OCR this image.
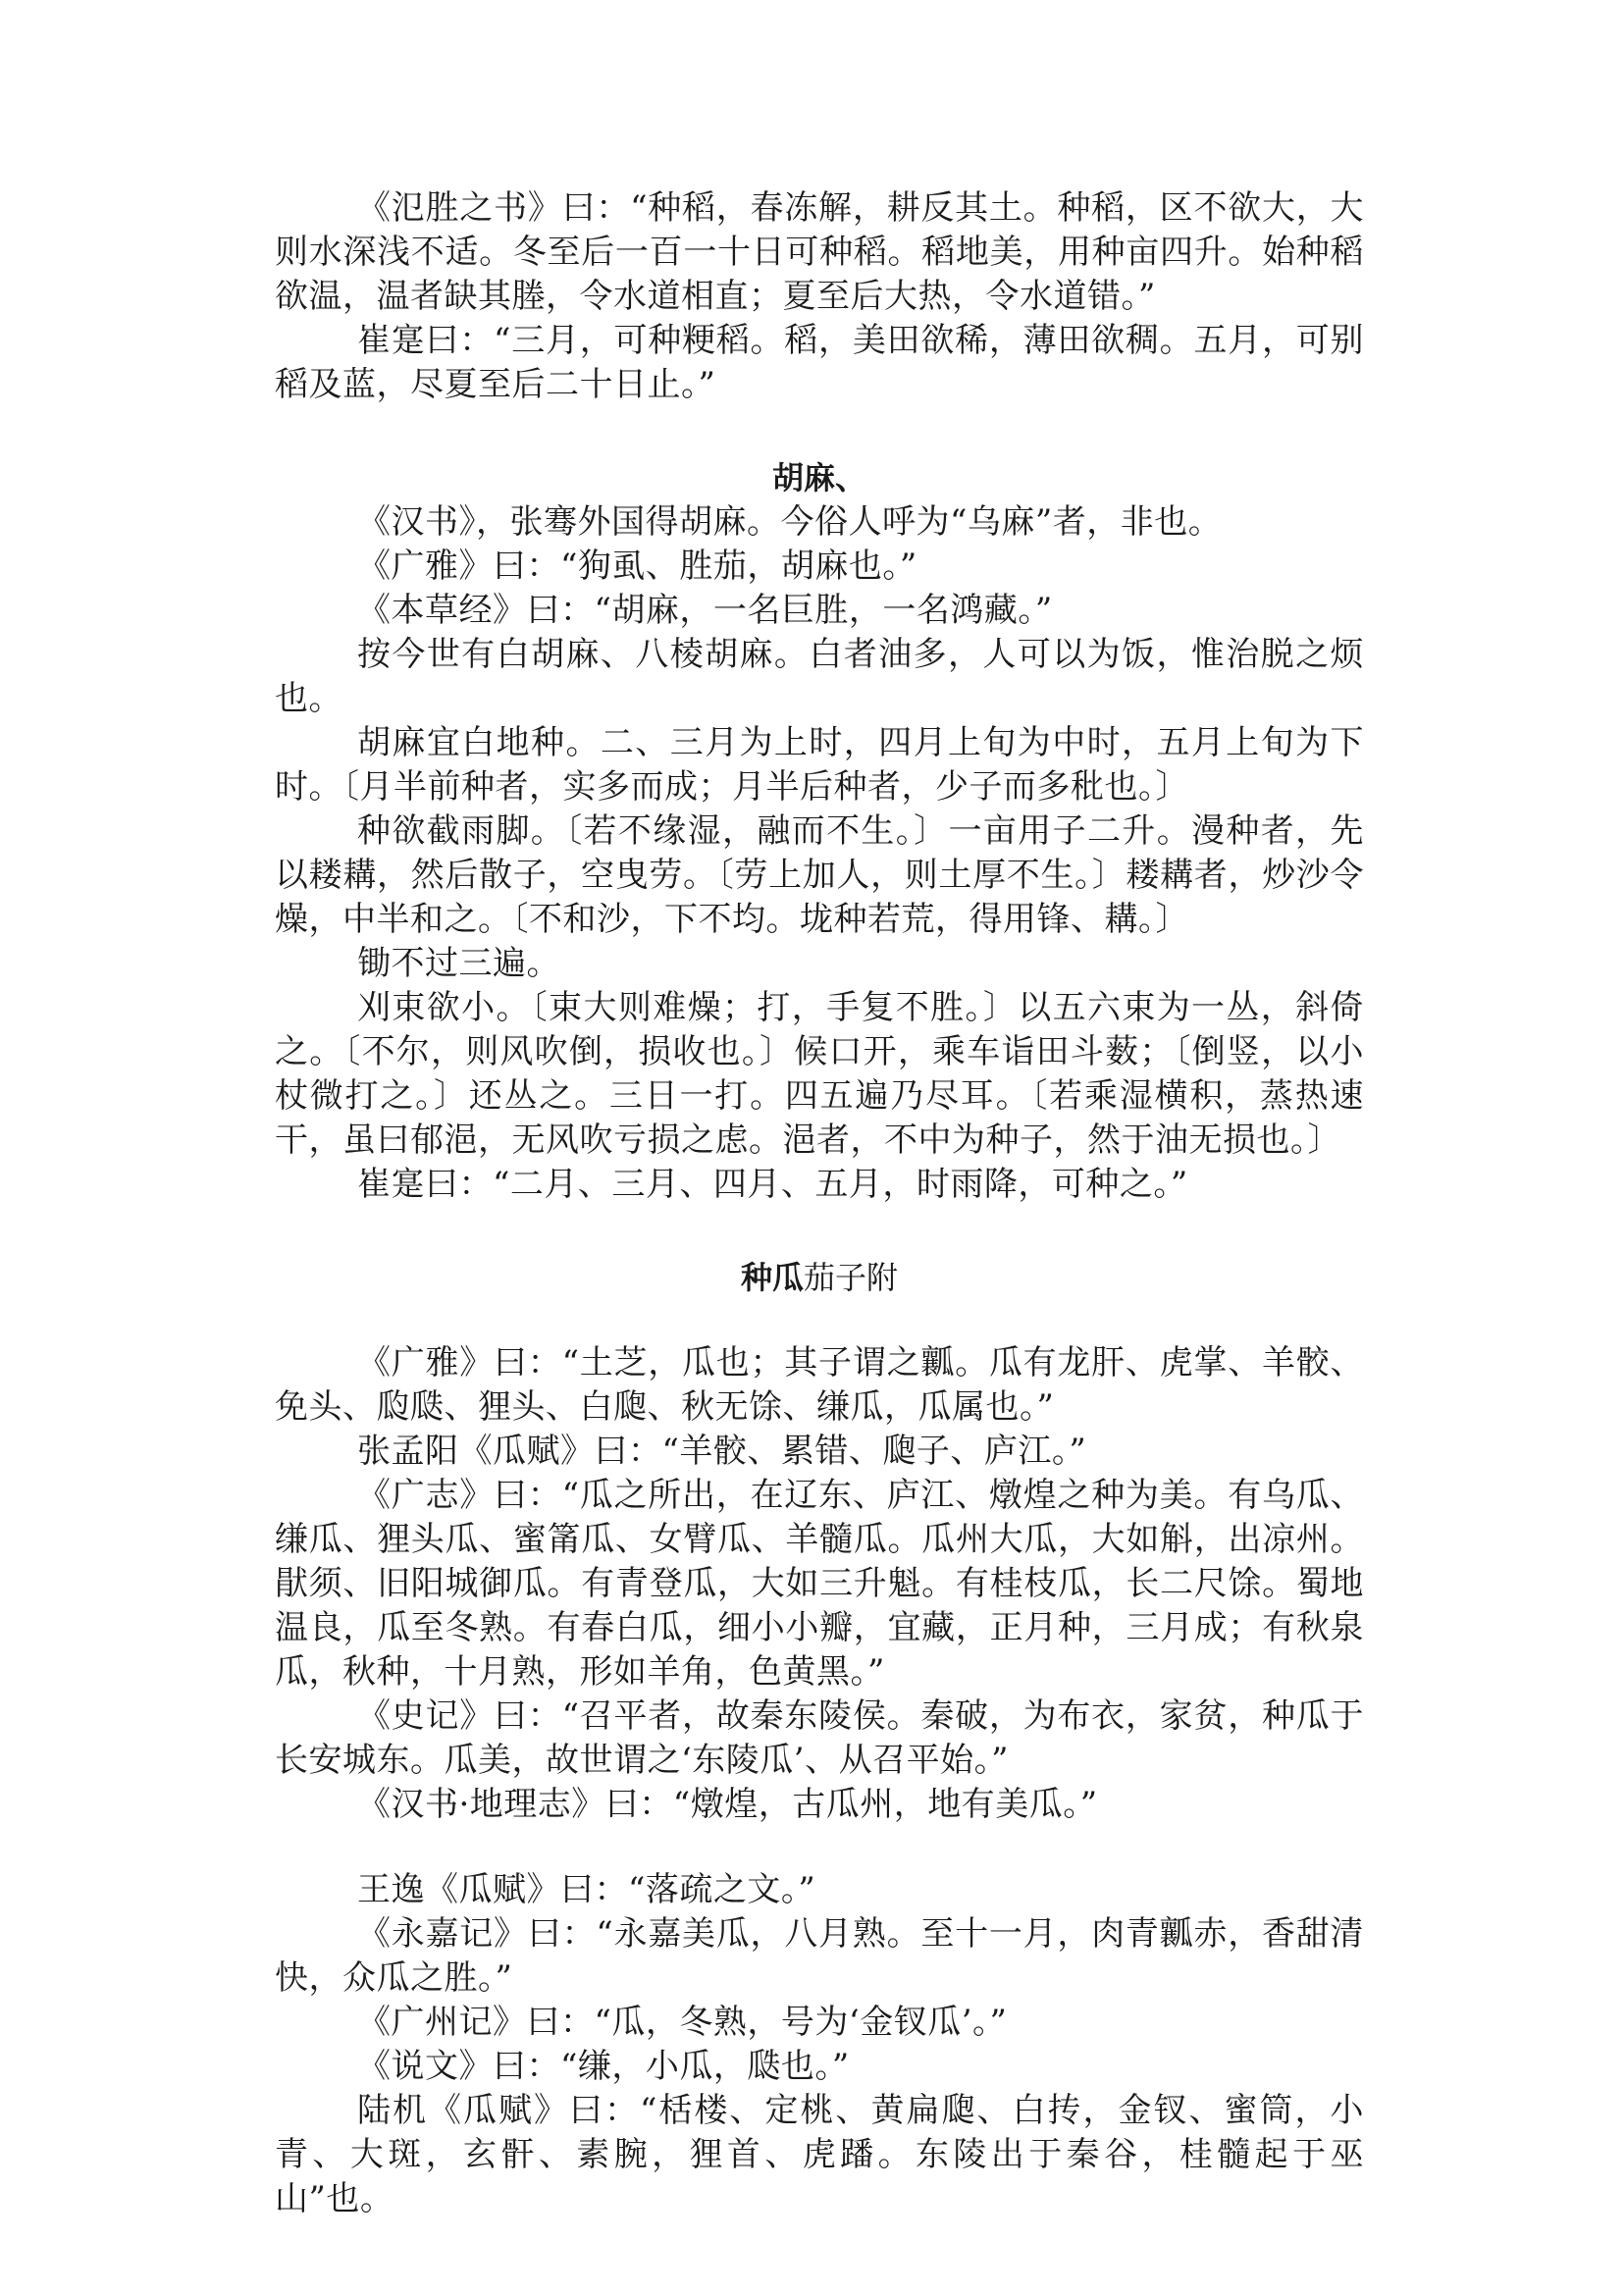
《氾胜之书》曰：“种稻，春冻解，耕反其土。种稻，区不欲大，大则水深浅不适。冬至后一百一十日可种稻。稻地美，用种亩四升。始种稻欲温，温者缺其塍，令水道相直；夏至后大热，令水道错。”

崔寔曰：“三月，可种粳稻。稻，美田欲稀，薄田欲稠。五月，可别稻及蓝，尽夏至后二十日止。”

胡麻、

《汉书》，张骞外国得胡麻。今俗人呼为“乌麻”者，非也。

《广雅》曰：“狗虱、胜茄，胡麻也。”

《本草经》曰：“胡麻，一名巨胜，一名鸿藏。”

按今世有白胡麻、八棱胡麻。白者油多，人可以为饭，惟治脱之烦也。

胡麻宜白地种。二、三月为上时，四月上旬为中时，五月上旬为下时。〔月半前种者，实多而成；月半后种者，少子而多秕也。〕

种欲截雨脚。〔若不缘湿，融而不生。〕一亩用子二升。漫种者，先以耧耩，然后散子，空曳劳。〔劳上加人，则土厚不生。〕耧耩者，炒沙令燥，中半和之。〔不和沙，下不均。垅种若荒，得用锋、耩。〕

锄不过三遍。

刈束欲小。〔束大则难燥；打，手复不胜。〕以五六束为一丛，斜倚之。〔不尔，则风吹倒，损收也。〕候口开，乘车诣田斗薮；〔倒竖，以小杖微打之。〕还丛之。三日一打。四五遍乃尽耳。〔若乘湿横积，蒸热速干，虽曰郁浥，无风吹亏损之虑。浥者，不中为种子，然于油无损也。〕

崔寔曰：“二月、三月、四月、五月，时雨降，可种之。”

种瓜茄子附

《广雅》曰：“土芝，瓜也；其子谓之瓤。瓜有龙肝、虎掌、羊骹、免头、瓝瓞、狸头、白瓟、秋无馀、缣瓜，瓜属也。”

张孟阳《瓜赋》曰：“羊骹、累错、瓟子、庐江。”

《广志》曰：“瓜之所出，在辽东、庐江、燉煌之种为美。有乌瓜、缣瓜、狸头瓜、蜜筩瓜、女臂瓜、羊髓瓜。瓜州大瓜，大如斛，出凉州。猒须、旧阳城御瓜。有青登瓜，大如三升魁。有桂枝瓜，长二尺馀。蜀地温良，瓜至冬熟。有春白瓜，细小小瓣，宜藏，正月种，三月成；有秋泉瓜，秋种，十月熟，形如羊角，色黄黑。”

《史记》曰：“召平者，故秦东陵侯。秦破，为布衣，家贫，种瓜于长安城东。瓜美，故世谓之‘东陵瓜’、从召平始。”

《汉书·地理志》曰：“燉煌，古瓜州，地有美瓜。”

王逸《瓜赋》曰：“落疏之文。”

《永嘉记》曰：“永嘉美瓜，八月熟。至十一月，肉青瓤赤，香甜清快，众瓜之胜。”

《广州记》曰：“瓜，冬熟，号为‘金钗瓜’。”

《说文》曰：“缣，小瓜，瓞也。”

陆机《瓜赋》曰：“栝楼、定桃、黄扁瓟、白抟，金钗、蜜筒，小青、大斑，玄骭、素腕，狸首、虎蹯。东陵出于秦谷，桂髓起于巫山”也。
